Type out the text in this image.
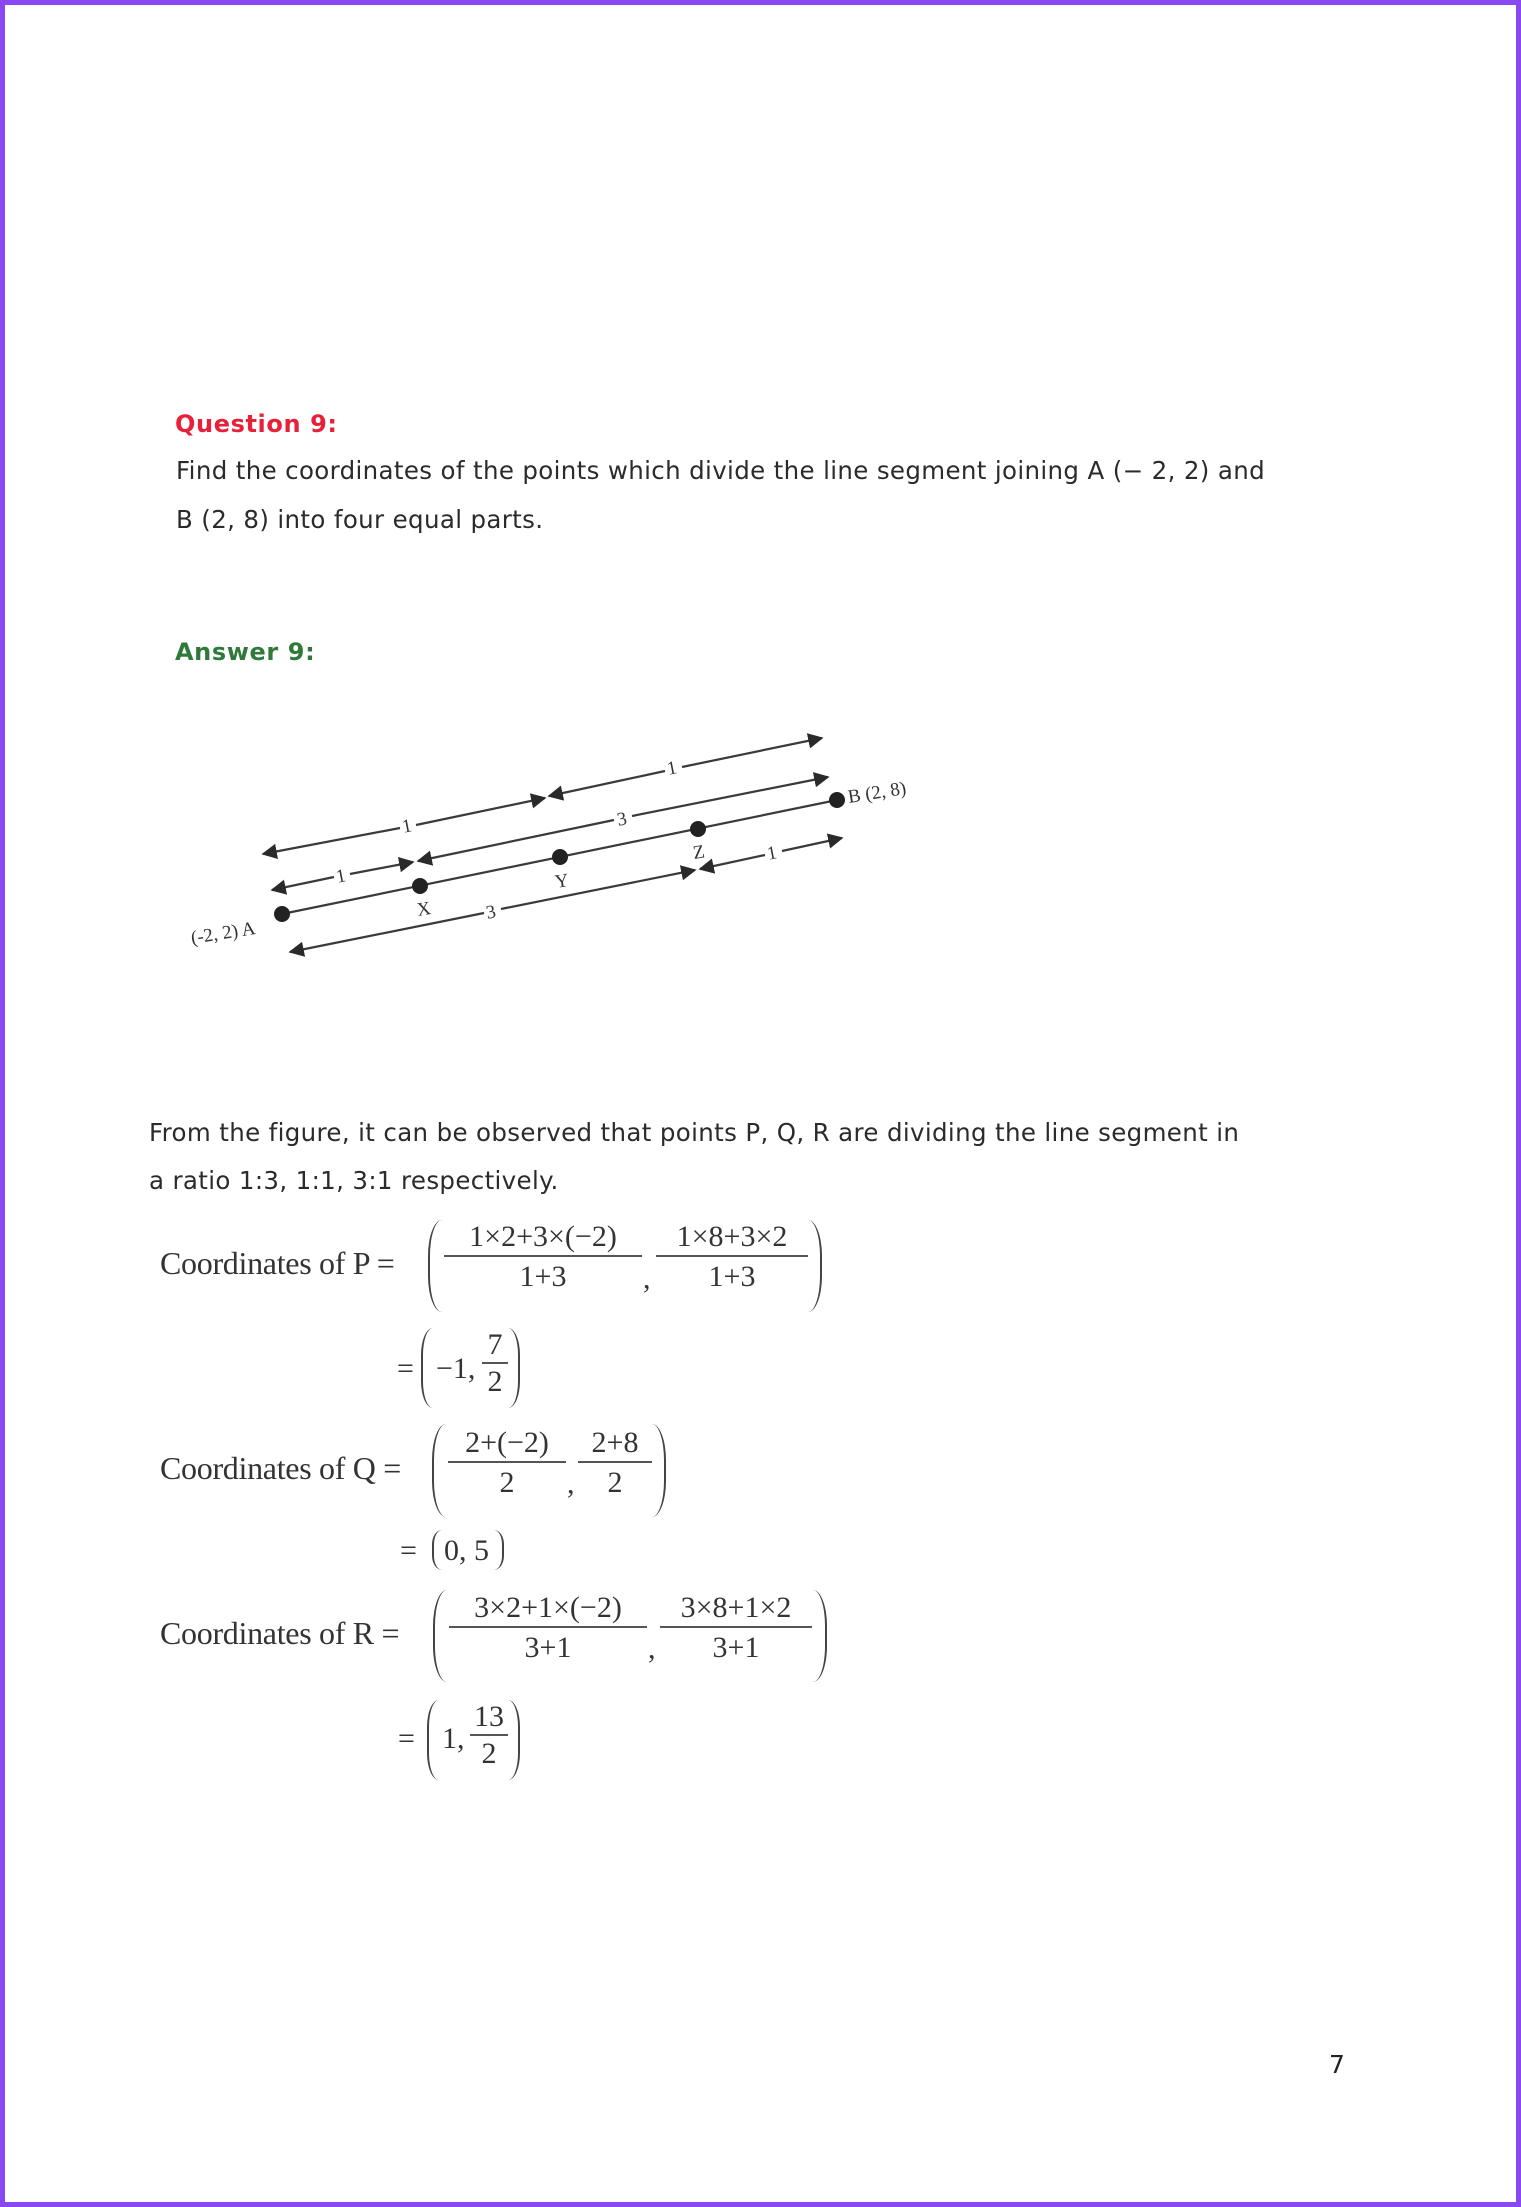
Question 9:
Find the coordinates of the points which divide the line segment joining A (− 2, 2) and
B (2, 8) into four equal parts.
Answer 9:
1
1
1
3
3
1
(-2, 2) A
B (2, 8)
X
Y
Z
From the figure, it can be observed that points P, Q, R are dividing the line segment in
a ratio 1:3, 1:1, 3:1 respectively.
Coordinates of P =
1×2+3×(−2)
1+3	,
1×8+3×2
1+3
= −1,
7
2
Coordinates of Q =
2+(−2)
2 ,
2+8
2
= 0, 5
Coordinates of R =
3×2+1×(−2)
3+1	,
3×8+1×2
3+1
= 1,
13
2
7
